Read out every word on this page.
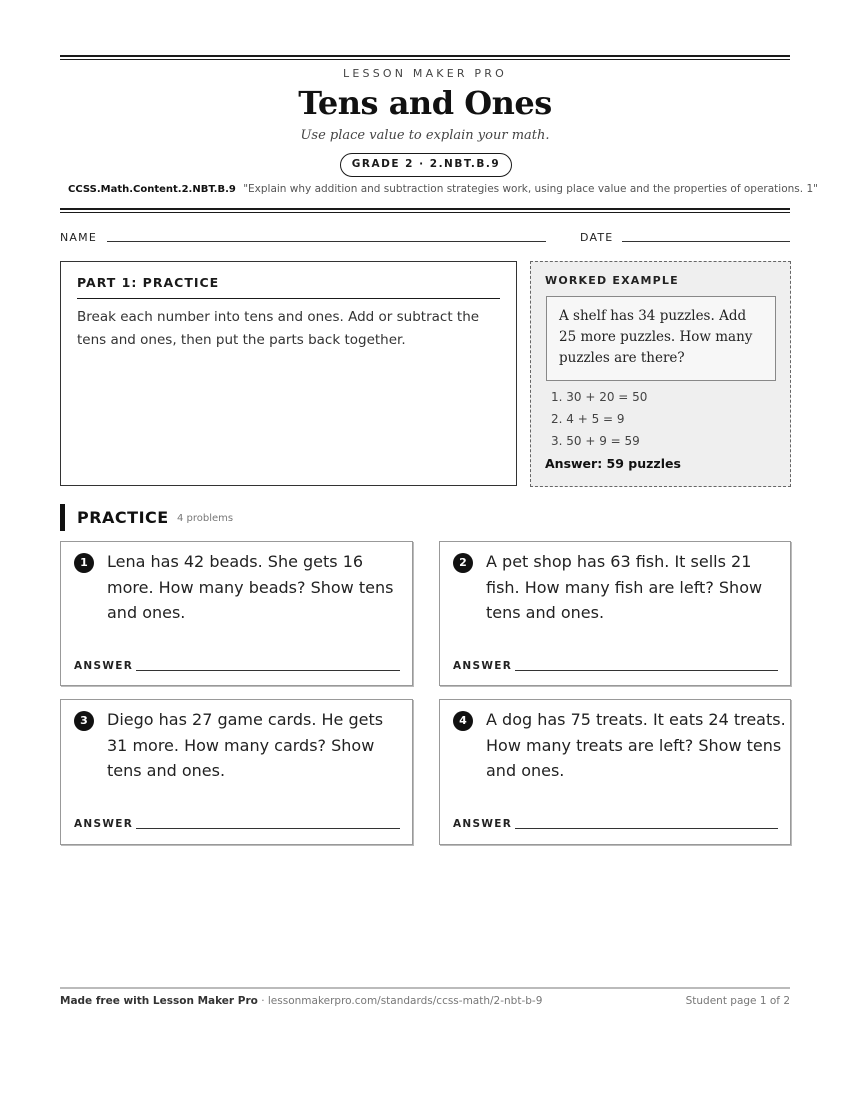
LESSON MAKER PRO
Tens and Ones
Use place value to explain your math.
GRADE 2 · 2.NBT.B.9
CCSS.Math.Content.2.NBT.B.9 "Explain why addition and subtraction strategies work, using place value and the properties of operations. 1"
NAME	DATE
PART 1: PRACTICE
Break each number into tens and ones. Add or subtract the tens and ones, then put the parts back together.
WORKED EXAMPLE
A shelf has 34 puzzles. Add 25 more puzzles. How many puzzles are there?
1. 30 + 20 = 50
2. 4 + 5 = 9
3. 50 + 9 = 59
Answer: 59 puzzles
PRACTICE 4 problems
1	Lena has 42 beads. She gets 16 more. How many beads? Show tens and ones.
ANSWER
2	A pet shop has 63 fish. It sells 21 fish. How many fish are left? Show tens and ones.
ANSWER
3	Diego has 27 game cards. He gets 31 more. How many cards? Show tens and ones.
ANSWER
4	A dog has 75 treats. It eats 24 treats. How many treats are left? Show tens and ones.
ANSWER
Made free with Lesson Maker Pro · lessonmakerpro.com/standards/ccss-math/2-nbt-b-9	Student page 1 of 2
